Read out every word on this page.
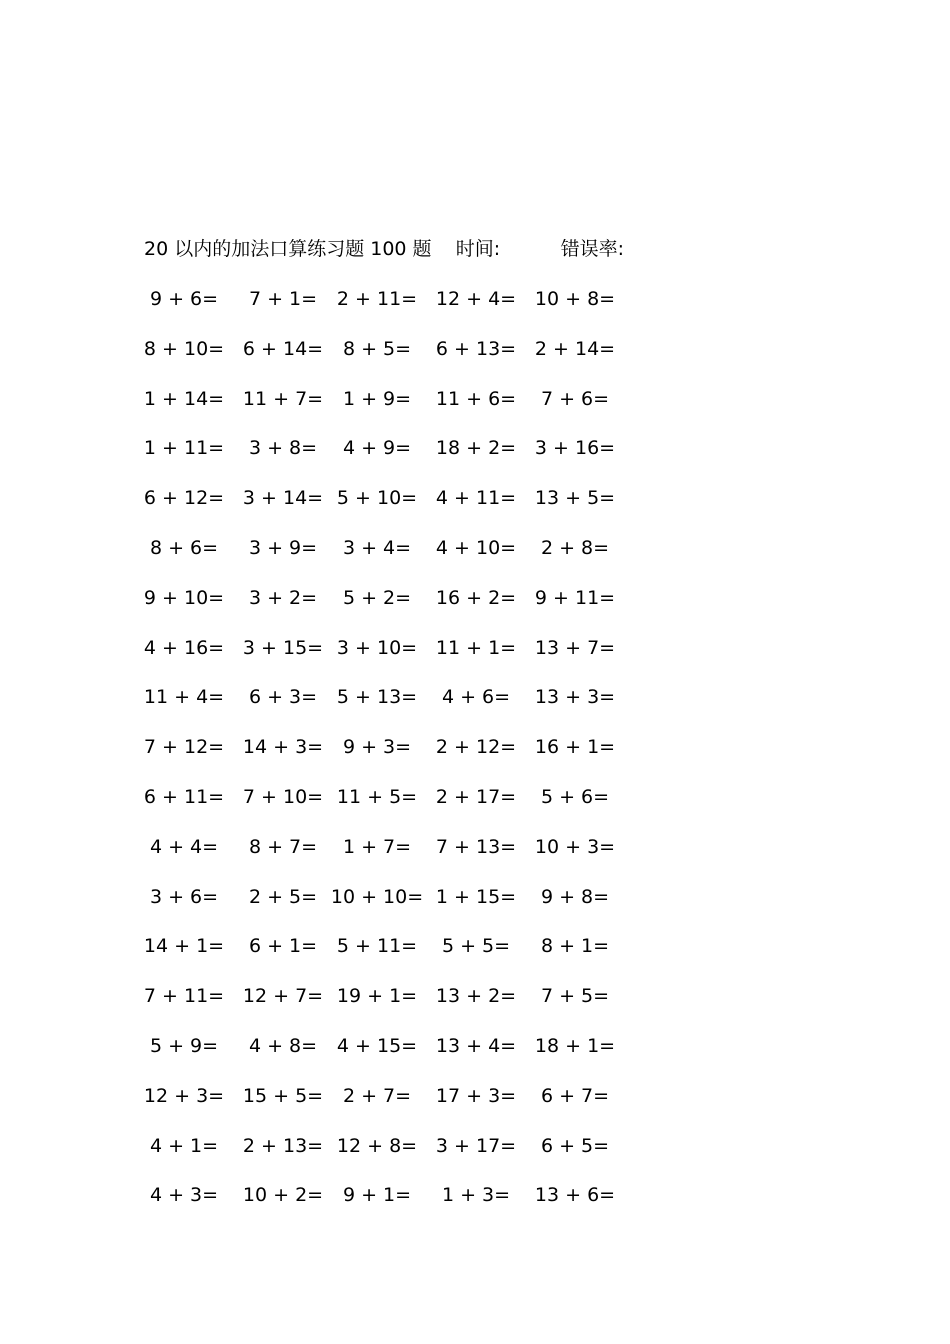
20 以内的加法口算练习题 100 题 时间:	错误率:
9 + 6= 7 + 1= 2 + 11= 12 + 4= 10 + 8=
8 + 10= 6 + 14= 8 + 5= 6 + 13= 2 + 14=
1 + 14= 11 + 7= 1 + 9= 11 + 6= 7 + 6=
1 + 11= 3 + 8= 4 + 9= 18 + 2= 3 + 16=
6 + 12= 3 + 14= 5 + 10= 4 + 11= 13 + 5=
8 + 6= 3 + 9= 3 + 4= 4 + 10= 2 + 8=
9 + 10= 3 + 2= 5 + 2= 16 + 2= 9 + 11=
4 + 16= 3 + 15= 3 + 10= 11 + 1= 13 + 7=
11 + 4= 6 + 3= 5 + 13= 4 + 6= 13 + 3=
7 + 12= 14 + 3= 9 + 3= 2 + 12= 16 + 1=
6 + 11= 7 + 10= 11 + 5= 2 + 17= 5 + 6=
4 + 4= 8 + 7= 1 + 7= 7 + 13= 10 + 3=
3 + 6= 2 + 5= 10 + 10= 1 + 15= 9 + 8=
14 + 1= 6 + 1= 5 + 11= 5 + 5= 8 + 1=
7 + 11= 12 + 7= 19 + 1= 13 + 2= 7 + 5=
5 + 9= 4 + 8= 4 + 15= 13 + 4= 18 + 1=
12 + 3= 15 + 5= 2 + 7= 17 + 3= 6 + 7=
4 + 1= 2 + 13= 12 + 8= 3 + 17= 6 + 5=
4 + 3= 10 + 2= 9 + 1= 1 + 3= 13 + 6=
